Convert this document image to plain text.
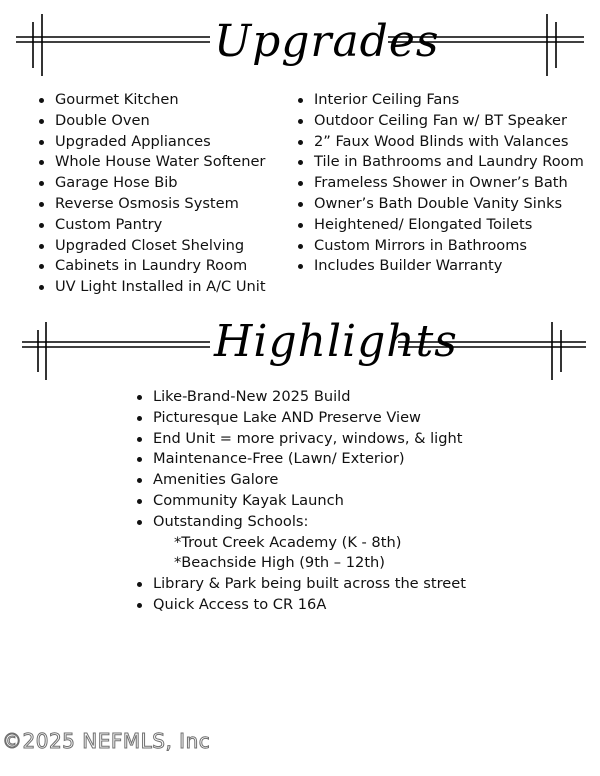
Upgrades
Gourmet Kitchen
Double Oven
Upgraded Appliances
Whole House Water Softener
Garage Hose Bib
Reverse Osmosis System
Custom Pantry
Upgraded Closet Shelving
Cabinets in Laundry Room
UV Light Installed in A/C Unit
Interior Ceiling Fans
Outdoor Ceiling Fan w/ BT Speaker
2” Faux Wood Blinds with Valances
Tile in Bathrooms and Laundry Room
Frameless Shower in Owner’s Bath
Owner’s Bath Double Vanity Sinks
Heightened/ Elongated Toilets
Custom Mirrors in Bathrooms
Includes Builder Warranty
Highlights
Like-Brand-New 2025 Build
Picturesque Lake AND Preserve View
End Unit = more privacy, windows, & light
Maintenance-Free (Lawn/ Exterior)
Amenities Galore
Community Kayak Launch
Outstanding Schools:
*Trout Creek Academy (K - 8th)
*Beachside High (9th – 12th)
Library & Park being built across the street
Quick Access to CR 16A
©2025 NEFMLS, Inc
